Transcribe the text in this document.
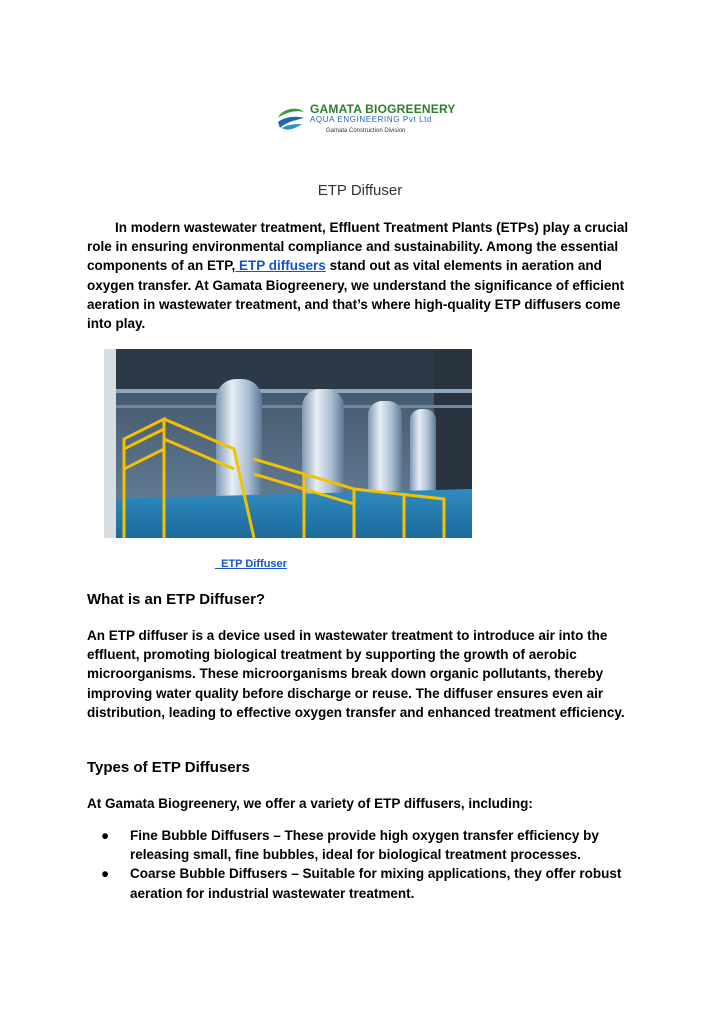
GAMATA BIOGREENERY
AQUA ENGINEERING Pvt Ltd
Gamata Construction Division
ETP Diffuser

In modern wastewater treatment, Effluent Treatment Plants (ETPs) play a crucial role in ensuring environmental compliance and sustainability. Among the essential components of an ETP, ETP diffusers stand out as vital elements in aeration and oxygen transfer. At Gamata Biogreenery, we understand the significance of efficient aeration in wastewater treatment, and that’s where high-quality ETP diffusers come into play.

ETP Diffuser
What is an ETP Diffuser?

An ETP diffuser is a device used in wastewater treatment to introduce air into the effluent, promoting biological treatment by supporting the growth of aerobic microorganisms. These microorganisms break down organic pollutants, thereby improving water quality before discharge or reuse. The diffuser ensures even air distribution, leading to effective oxygen transfer and enhanced treatment efficiency.

Types of ETP Diffusers

At Gamata Biogreenery, we offer a variety of ETP diffusers, including:

● Fine Bubble Diffusers – These provide high oxygen transfer efficiency by releasing small, fine bubbles, ideal for biological treatment processes.
● Coarse Bubble Diffusers – Suitable for mixing applications, they offer robust aeration for industrial wastewater treatment.
